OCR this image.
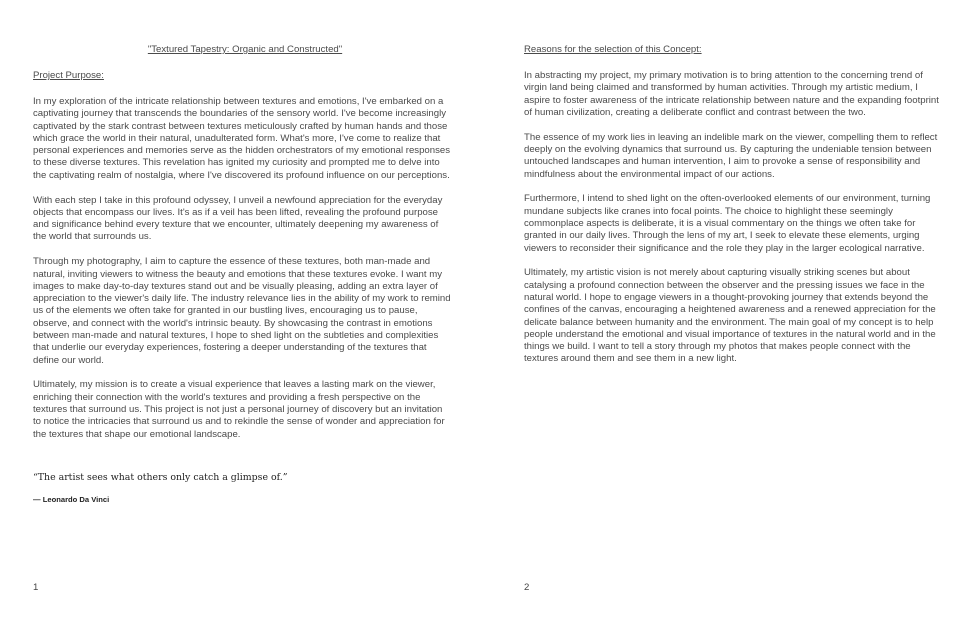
"Textured Tapestry: Organic and Constructed"
Project Purpose:
In my exploration of the intricate relationship between textures and emotions, I've embarked on a
captivating journey that transcends the boundaries of the sensory world. I've become increasingly
captivated by the stark contrast between textures meticulously crafted by human hands and those
which grace the world in their natural, unadulterated form. What's more, I've come to realize that
personal experiences and memories serve as the hidden orchestrators of my emotional responses
to these diverse textures. This revelation has ignited my curiosity and prompted me to delve into
the captivating realm of nostalgia, where I've discovered its profound influence on our perceptions.
With each step I take in this profound odyssey, I unveil a newfound appreciation for the everyday
objects that encompass our lives. It's as if a veil has been lifted, revealing the profound purpose
and significance behind every texture that we encounter, ultimately deepening my awareness of
the world that surrounds us.
Through my photography, I aim to capture the essence of these textures, both man-made and
natural, inviting viewers to witness the beauty and emotions that these textures evoke. I want my
images to make day-to-day textures stand out and be visually pleasing, adding an extra layer of
appreciation to the viewer's daily life. The industry relevance lies in the ability of my work to remind
us of the elements we often take for granted in our bustling lives, encouraging us to pause,
observe, and connect with the world's intrinsic beauty. By showcasing the contrast in emotions
between man-made and natural textures, I hope to shed light on the subtleties and complexities
that underlie our everyday experiences, fostering a deeper understanding of the textures that
define our world.
Ultimately, my mission is to create a visual experience that leaves a lasting mark on the viewer,
enriching their connection with the world's textures and providing a fresh perspective on the
textures that surround us. This project is not just a personal journey of discovery but an invitation
to notice the intricacies that surround us and to rekindle the sense of wonder and appreciation for
the textures that shape our emotional landscape.
“The artist sees what others only catch a glimpse of.”
— Leonardo Da Vinci
1
Reasons for the selection of this Concept:
In abstracting my project, my primary motivation is to bring attention to the concerning trend of
virgin land being claimed and transformed by human activities. Through my artistic medium, I
aspire to foster awareness of the intricate relationship between nature and the expanding footprint
of human civilization, creating a deliberate conflict and contrast between the two.
The essence of my work lies in leaving an indelible mark on the viewer, compelling them to reflect
deeply on the evolving dynamics that surround us. By capturing the undeniable tension between
untouched landscapes and human intervention, I aim to provoke a sense of responsibility and
mindfulness about the environmental impact of our actions.
Furthermore, I intend to shed light on the often-overlooked elements of our environment, turning
mundane subjects like cranes into focal points. The choice to highlight these seemingly
commonplace aspects is deliberate, it is a visual commentary on the things we often take for
granted in our daily lives. Through the lens of my art, I seek to elevate these elements, urging
viewers to reconsider their significance and the role they play in the larger ecological narrative.
Ultimately, my artistic vision is not merely about capturing visually striking scenes but about
catalysing a profound connection between the observer and the pressing issues we face in the
natural world. I hope to engage viewers in a thought-provoking journey that extends beyond the
confines of the canvas, encouraging a heightened awareness and a renewed appreciation for the
delicate balance between humanity and the environment. The main goal of my concept is to help
people understand the emotional and visual importance of textures in the natural world and in the
things we build. I want to tell a story through my photos that makes people connect with the
textures around them and see them in a new light.
2
